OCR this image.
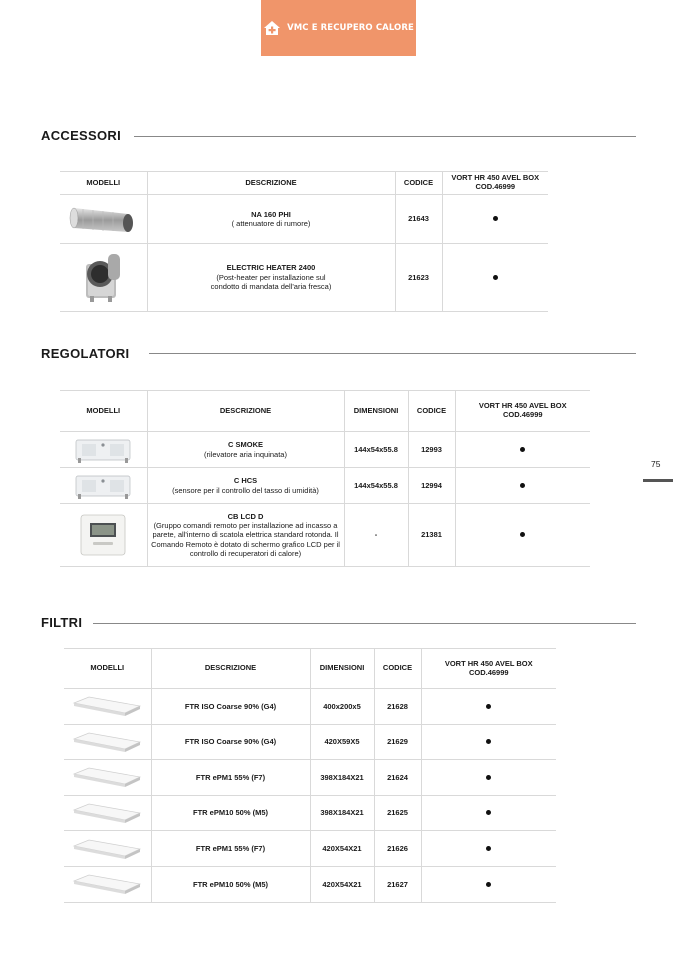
VMC E RECUPERO CALORE
ACCESSORI
MODELLI	DESCRIZIONE	CODICE	VORT HR 450 AVEL BOX COD.46999

NA 160 PHI
( attenuatore di rumore)	21643	

ELECTRIC HEATER 2400
(Post-heater per installazione sul condotto di mandata dell'aria fresca)	21623	
REGOLATORI
MODELLI	DESCRIZIONE	DIMENSIONI	CODICE	VORT HR 450 AVEL BOX COD.46999

C SMOKE
(rilevatore aria inquinata)	144x54x55.8	12993	

C HCS
(sensore per il controllo del tasso di umidità)	144x54x55.8	12994	

CB LCD D
(Gruppo comandi remoto per installazione ad incasso a parete, all'interno di scatola elettrica standard rotonda. Il Comando Remoto è dotato di schermo grafico LCD per il controllo di recuperatori di calore)	-	21381	
75
FILTRI
MODELLI	DESCRIZIONE	DIMENSIONI	CODICE	VORT HR 450 AVEL BOX COD.46999

	FTR ISO Coarse 90% (G4)	400x200x5	21628	

	FTR ISO Coarse 90% (G4)	420X59X5	21629	

	FTR ePM1 55% (F7)	398X184X21	21624	

	FTR ePM10 50% (M5)	398X184X21	21625	

	FTR ePM1 55% (F7)	420X54X21	21626	

	FTR ePM10 50% (M5)	420X54X21	21627	
